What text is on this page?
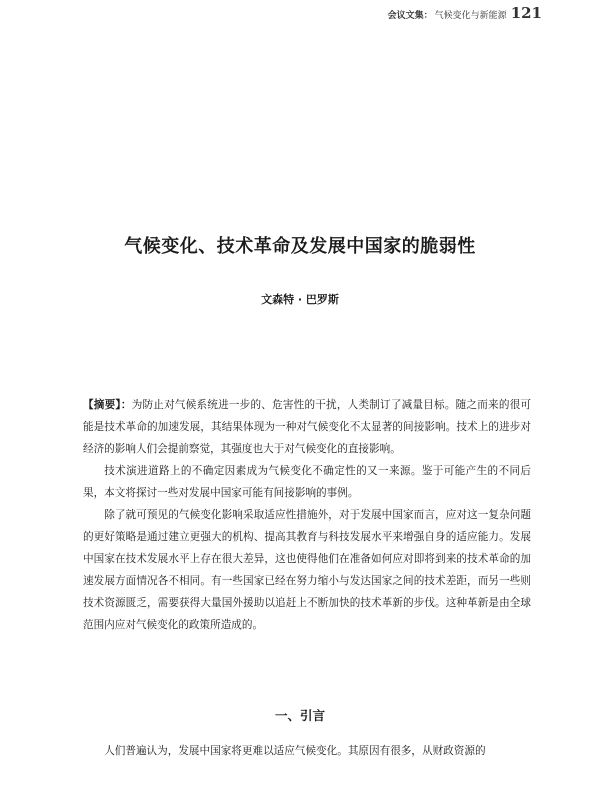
会议文集： 气候变化与新能源 121
气候变化、技术革命及发展中国家的脆弱性
文森特 · 巴罗斯

【摘要】：为防止对气候系统进一步的、危害性的干扰，人类制订了减量目标。随之而来的很可能是技术革命的加速发展，其结果体现为一种对气候变化不太显著的间接影响。技术上的进步对经济的影响人们会提前察觉，其强度也大于对气候变化的直接影响。

技术演进道路上的不确定因素成为气候变化不确定性的又一来源。鉴于可能产生的不同后果，本文将探讨一些对发展中国家可能有间接影响的事例。

除了就可预见的气候变化影响采取适应性措施外，对于发展中国家而言，应对这一复杂问题的更好策略是通过建立更强大的机构、提高其教育与科技发展水平来增强自身的适应能力。发展中国家在技术发展水平上存在很大差异，这也使得他们在准备如何应对即将到来的技术革命的加速发展方面情况各不相同。有一些国家已经在努力缩小与发达国家之间的技术差距，而另一些则技术资源匮乏，需要获得大量国外援助以追赶上不断加快的技术革新的步伐。这种革新是由全球范围内应对气候变化的政策所造成的。

一、引言

人们普遍认为，发展中国家将更难以适应气候变化。其原因有很多，从财政资源的
